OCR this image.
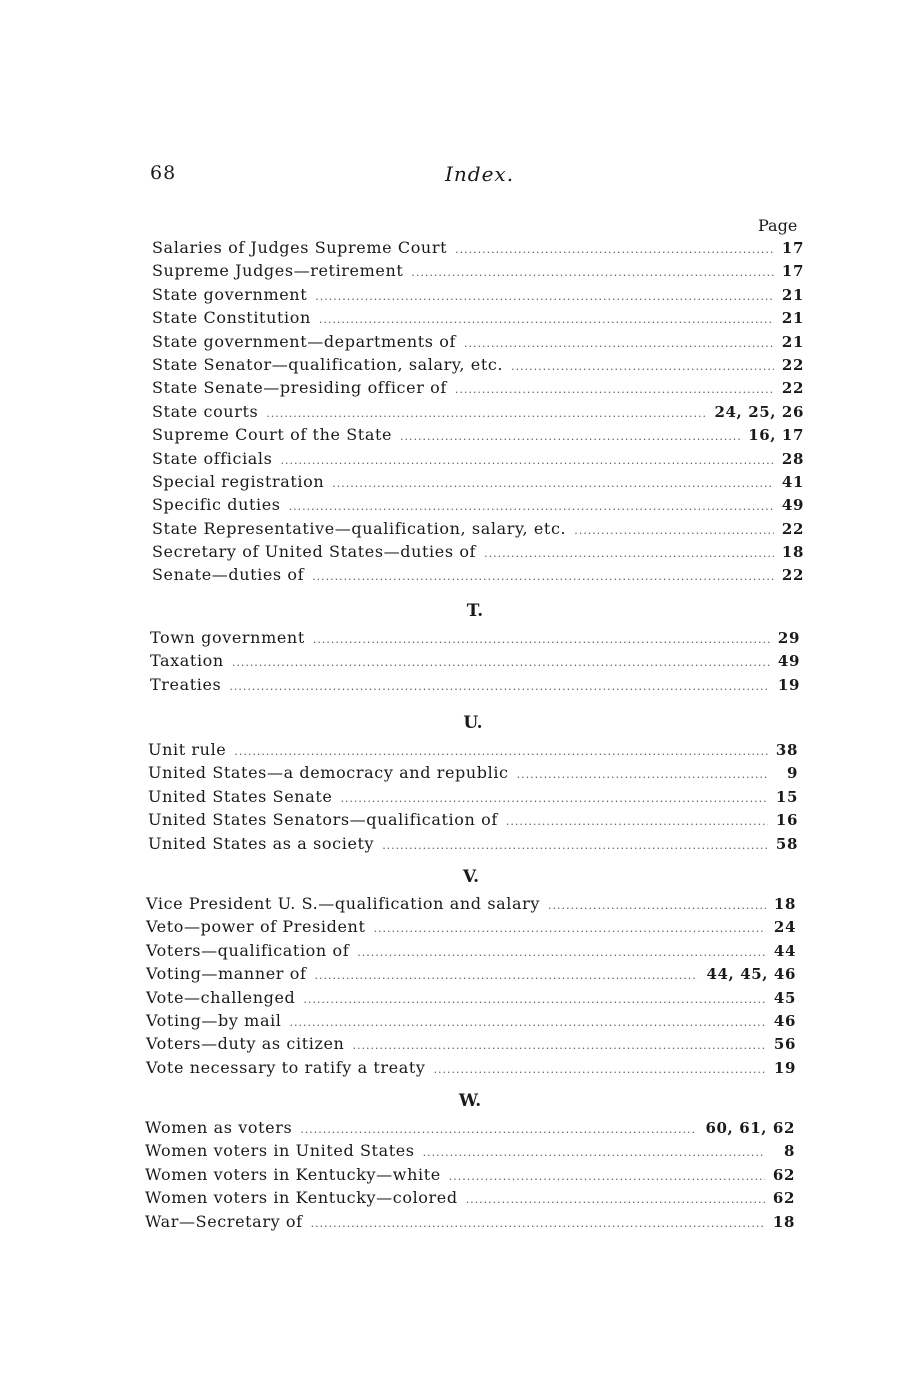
68	Index.
Page
Salaries of Judges Supreme Court .....	17
Supreme Judges—retirement .....	17
State government .....	21
State Constitution .....	21
State government—departments of .....	21
State Senator—qualification, salary, etc. .....	22
State Senate—presiding officer of .....	22
State courts .....	24, 25, 26
Supreme Court of the State .....	16, 17
State officials .....	28
Special registration .....	41
Specific duties .....	49
State Representative—qualification, salary, etc. .....	22
Secretary of United States—duties of .....	18
Senate—duties of .....	22
T.
Town government .....	29
Taxation .....	49
Treaties .....	19
U.
Unit rule .....	38
United States—a democracy and republic .....	9
United States Senate .....	15
United States Senators—qualification of .....	16
United States as a society .....	58
V.
Vice President U. S.—qualification and salary .....	18
Veto—power of President .....	24
Voters—qualification of .....	44
Voting—manner of .....	44, 45, 46
Vote—challenged .....	45
Voting—by mail .....	46
Voters—duty as citizen .....	56
Vote necessary to ratify a treaty .....	19
W.
Women as voters .....	60, 61, 62
Women voters in United States .....	8
Women voters in Kentucky—white .....	62
Women voters in Kentucky—colored .....	62
War—Secretary of .....	18
